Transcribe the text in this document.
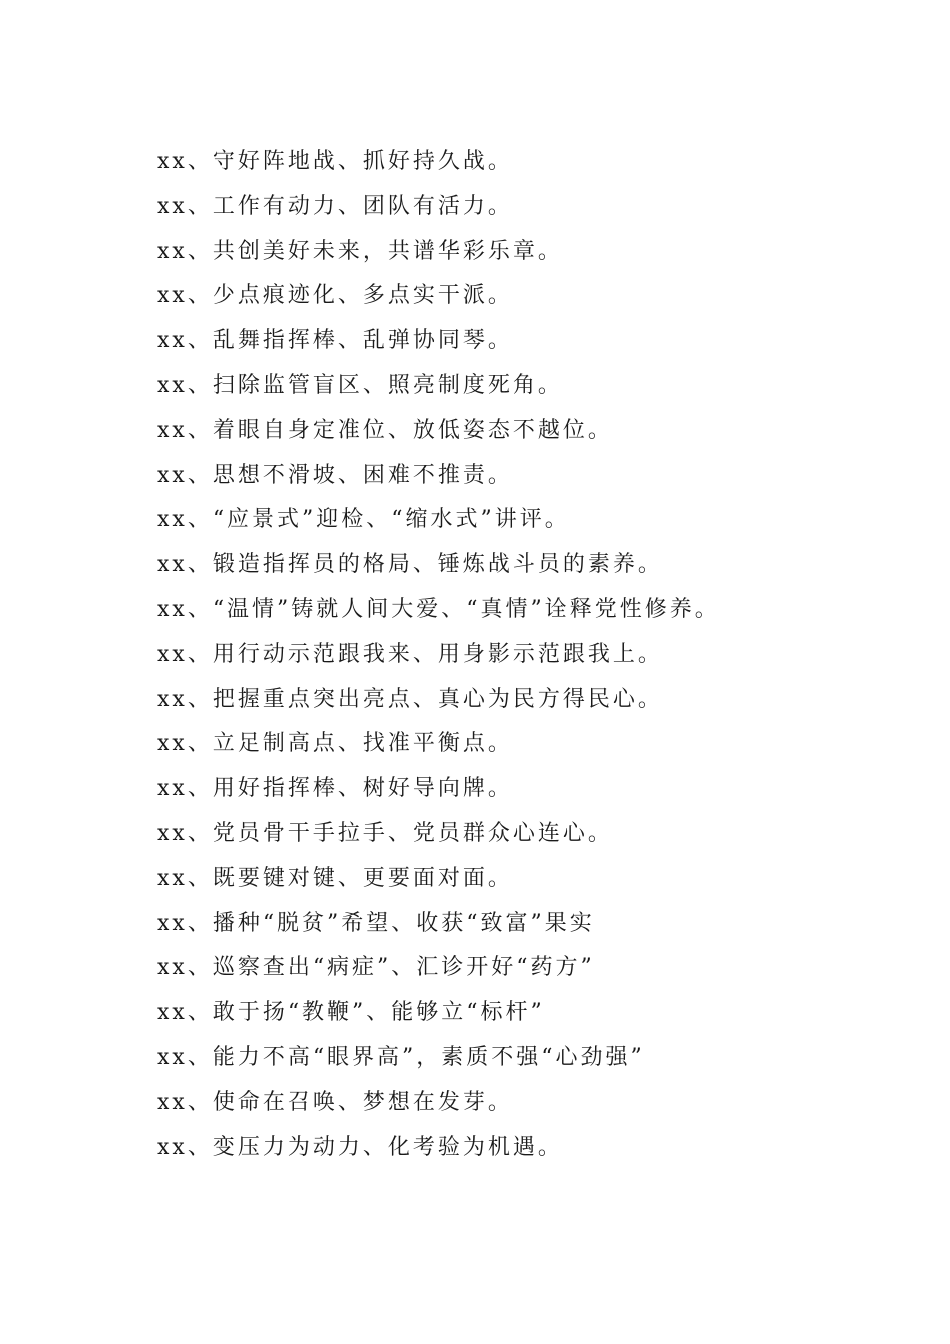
xx、守好阵地战、抓好持久战。
xx、工作有动力、团队有活力。
xx、共创美好未来，共谱华彩乐章。
xx、少点痕迹化、多点实干派。
xx、乱舞指挥棒、乱弹协同琴。
xx、扫除监管盲区、照亮制度死角。
xx、着眼自身定准位、放低姿态不越位。
xx、思想不滑坡、困难不推责。
xx、“应景式”迎检、“缩水式”讲评。
xx、锻造指挥员的格局、锤炼战斗员的素养。
xx、“温情”铸就人间大爱、“真情”诠释党性修养。
xx、用行动示范跟我来、用身影示范跟我上。
xx、把握重点突出亮点、真心为民方得民心。
xx、立足制高点、找准平衡点。
xx、用好指挥棒、树好导向牌。
xx、党员骨干手拉手、党员群众心连心。
xx、既要键对键、更要面对面。
xx、播种“脱贫”希望、收获“致富”果实
xx、巡察查出“病症”、汇诊开好“药方”
xx、敢于扬“教鞭”、能够立“标杆”
xx、能力不高“眼界高”，素质不强“心劲强”
xx、使命在召唤、梦想在发芽。
xx、变压力为动力、化考验为机遇。
